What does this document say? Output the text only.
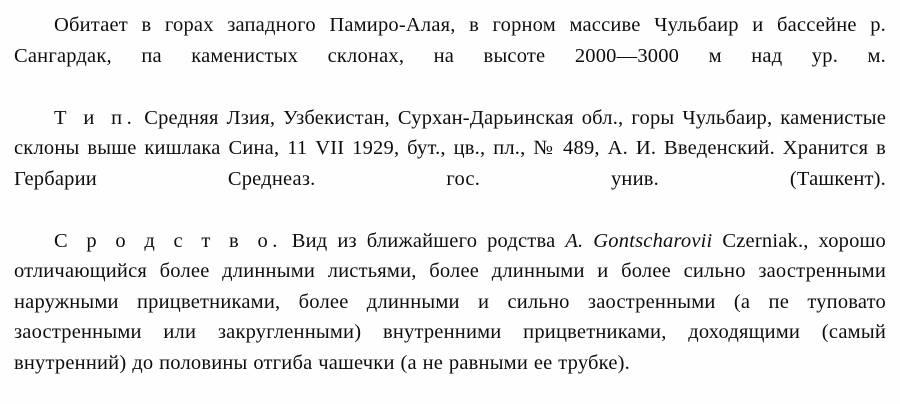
Обитает в горах западного Памиро-Алая, в горном массиве Чульбаир и бассейне р. Сангардак, па каменистых склонах, на высоте 2000—3000 м над ур. м.

Т и п. Средняя Лзия, Узбекистан, Сурхан-Дарьинская обл., горы Чульбаир, каменистые склоны выше кишлака Сина, 11 VII 1929, бут., цв., пл., № 489, А. И. Введенский. Хранится в Гербарии Среднеаз. гос. унив. (Ташкент).

С р о д с т в о. Вид из ближайшего родства A. Gontscharovii Czerniak., хорошо отличающийся более длинными листьями, более длинными и более сильно заостренными наружными прицветниками, более длинными и сильно заостренными (а пе туповато заостренными или закругленными) внутренними прицветниками, доходящими (самый внутренний) до половины отгиба чашечки (а не равными ее трубке).
